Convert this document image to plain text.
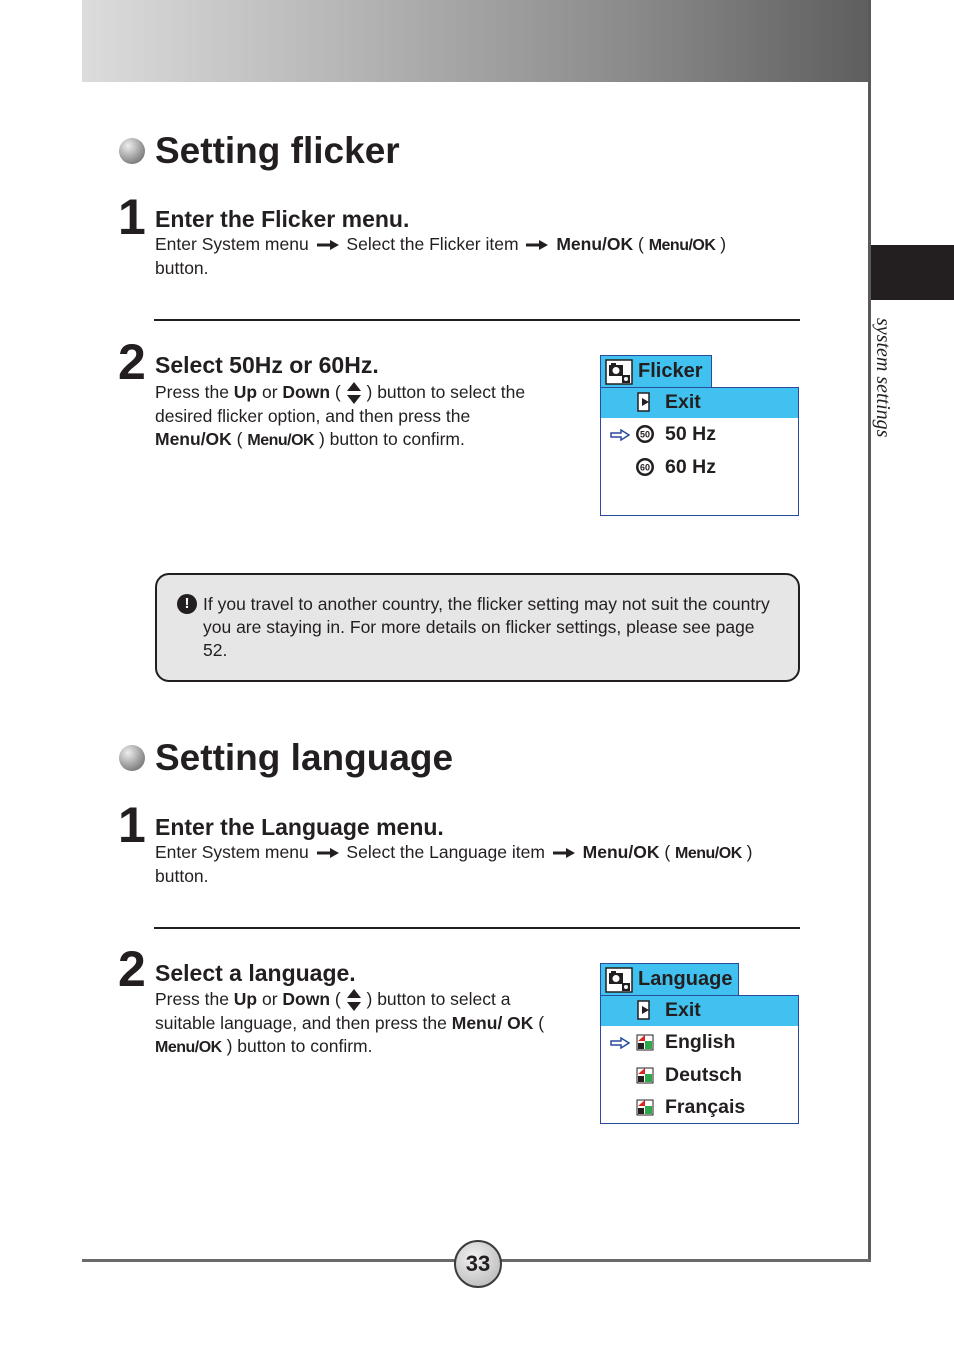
system settings
Setting flicker
1 Enter the Flicker menu.
Enter System menu Select the Flicker item Menu/OK ( Menu/OK )
button.
2 Select 50Hz or 60Hz.
Press the Up or Down (  ) button to select the desired flicker option, and then press the Menu/OK ( Menu/OK ) button to confirm.
Flicker
Exit
50 50 Hz
60 60 Hz
! If you travel to another country, the flicker setting may not suit the country you are staying in. For more details on flicker settings, please see page 52.
Setting language
1 Enter the Language menu.
Enter System menu Select the Language item Menu/OK ( Menu/OK )
button.
2 Select a language.
Press the Up or Down (  ) button to select a suitable language, and then press the Menu/ OK ( Menu/OK ) button to confirm.
Language
Exit
English
Deutsch
Français
33
